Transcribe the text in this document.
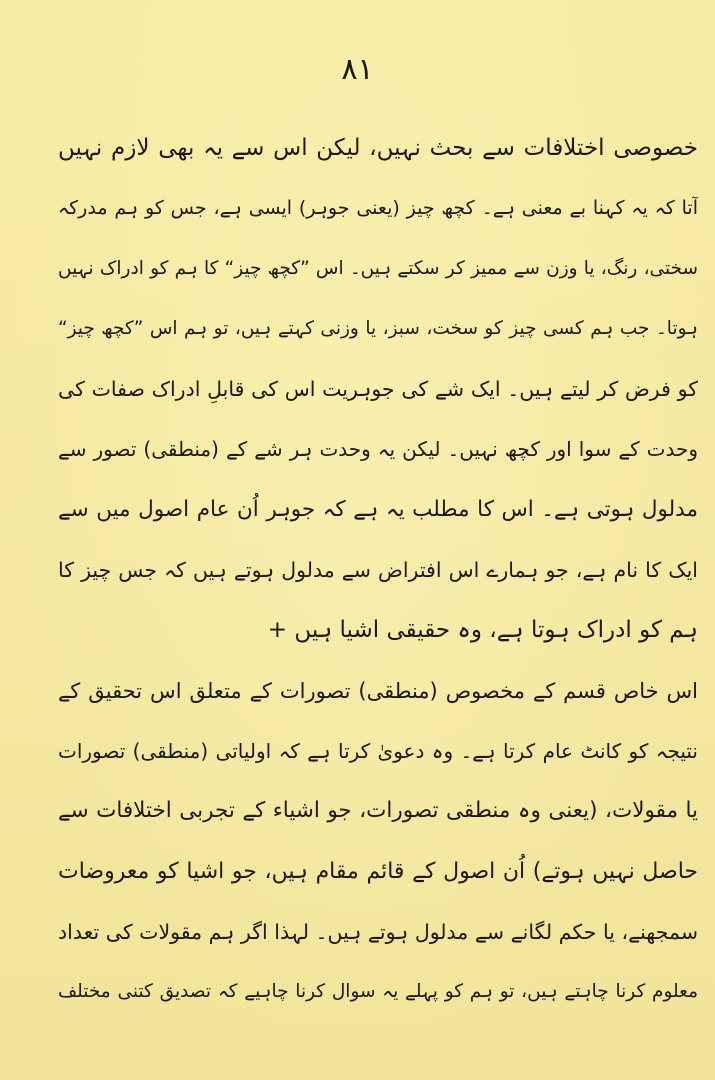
۸۱
خصوصی اختلافات سے بحث نہیں، لیکن اس سے یہ بھی لازم نہیں
آتا کہ یہ کہنا بے معنی ہے۔ کچھ چیز (یعنی جوہر) ایسی ہے، جس کو ہم مدرکہ
سختی، رنگ، یا وزن سے ممیز کر سکتے ہیں۔ اس ”کچھ چیز“ کا ہم کو ادراک نہیں
ہوتا۔ جب ہم کسی چیز کو سخت، سبز، یا وزنی کہتے ہیں، تو ہم اس ”کچھ چیز“
کو فرض کر لیتے ہیں۔ ایک شے کی جوہریت اس کی قابلِ ادراک صفات کی
وحدت کے سوا اور کچھ نہیں۔ لیکن یہ وحدت ہر شے کے (منطقی) تصور سے
مدلول ہوتی ہے۔ اس کا مطلب یہ ہے کہ جوہر اُن عام اصول میں سے
ایک کا نام ہے، جو ہمارے اس افتراض سے مدلول ہوتے ہیں کہ جس چیز کا
ہم کو ادراک ہوتا ہے، وہ حقیقی اشیا ہیں +
اس خاص قسم کے مخصوص (منطقی) تصورات کے متعلق اس تحقیق کے
نتیجہ کو کانٹ عام کرتا ہے۔ وہ دعویٰ کرتا ہے کہ اولیاتی (منطقی) تصورات
یا مقولات، (یعنی وہ منطقی تصورات، جو اشیاء کے تجربی اختلافات سے
حاصل نہیں ہوتے) اُن اصول کے قائم مقام ہیں، جو اشیا کو معروضات
سمجھنے، یا حکم لگانے سے مدلول ہوتے ہیں۔ لہذا اگر ہم مقولات کی تعداد
معلوم کرنا چاہتے ہیں، تو ہم کو پہلے یہ سوال کرنا چاہیے کہ تصدیق کتنی مختلف
